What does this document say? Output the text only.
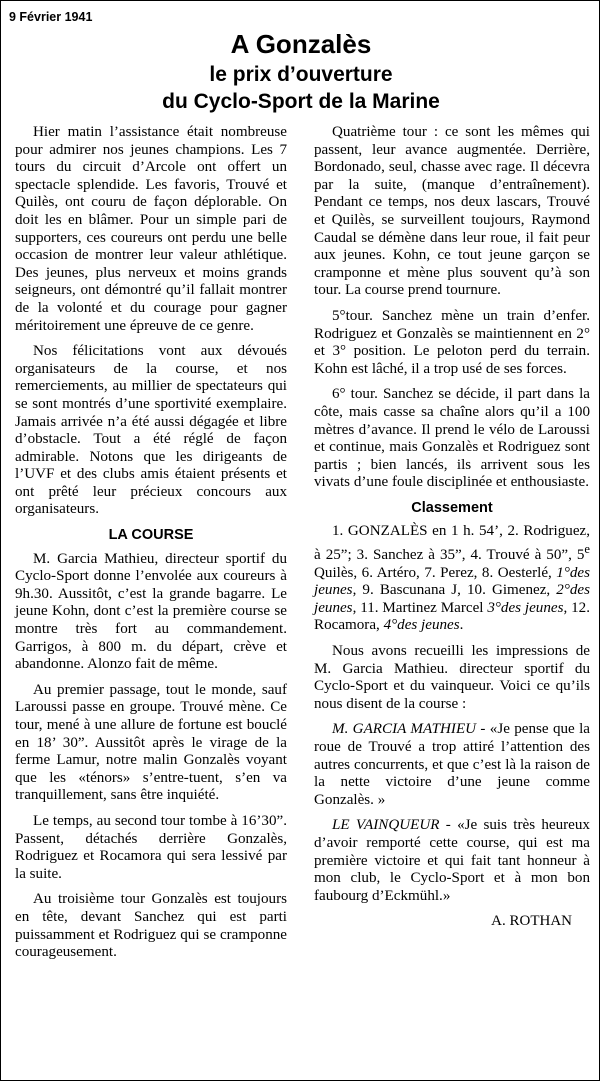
9 Février 1941
A Gonzalès
le prix d’ouverture
du Cyclo-Sport de la Marine

Hier matin l’assistance était nombreuse pour admirer nos jeunes champions. Les 7 tours du circuit d’Arcole ont offert un spectacle splendide. Les favoris, Trouvé et Quilès, ont couru de façon déplorable. On doit les en blâmer. Pour un simple pari de supporters, ces coureurs ont perdu une belle occasion de montrer leur valeur athlétique. Des jeunes, plus nerveux et moins grands seigneurs, ont démontré qu’il fallait montrer de la volonté et du courage pour gagner méritoirement une épreuve de ce genre.

Nos félicitations vont aux dévoués organisateurs de la course, et nos remerciements, au millier de spectateurs qui se sont montrés d’une sportivité exemplaire. Jamais arrivée n’a été aussi dégagée et libre d’obstacle. Tout a été réglé de façon admirable. Notons que les dirigeants de l’UVF et des clubs amis étaient présents et ont prêté leur précieux concours aux organisateurs.

LA COURSE

M. Garcia Mathieu, directeur sportif du Cyclo-Sport donne l’envolée aux coureurs à 9h.30. Aussitôt, c’est la grande bagarre. Le jeune Kohn, dont c’est la première course se montre très fort au commandement. Garrigos, à 800 m. du départ, crève et abandonne. Alonzo fait de même.

Au premier passage, tout le monde, sauf Laroussi passe en groupe. Trouvé mène. Ce tour, mené à une allure de fortune est bouclé en 18’ 30”. Aussitôt après le virage de la ferme Lamur, notre malin Gonzalès voyant que les «ténors» s’entre-tuent, s’en va tranquillement, sans être inquiété.

Le temps, au second tour tombe à 16’30”. Passent, détachés derrière Gonzalès, Rodriguez et Rocamora qui sera lessivé par la suite.

Au troisième tour Gonzalès est toujours en tête, devant Sanchez qui est parti puissamment et Rodriguez qui se cramponne courageusement.

Quatrième tour : ce sont les mêmes qui passent, leur avance augmentée. Derrière, Bordonado, seul, chasse avec rage. Il décevra par la suite, (manque d’entraînement). Pendant ce temps, nos deux lascars, Trouvé et Quilès, se surveillent toujours, Raymond Caudal se démène dans leur roue, il fait peur aux jeunes. Kohn, ce tout jeune garçon se cramponne et mène plus souvent qu’à son tour. La course prend tournure.

5°tour. Sanchez mène un train d’enfer. Rodriguez et Gonzalès se maintiennent en 2° et 3° position. Le peloton perd du terrain. Kohn est lâché, il a trop usé de ses forces.

6° tour. Sanchez se décide, il part dans la côte, mais casse sa chaîne alors qu’il a 100 mètres d’avance. Il prend le vélo de Laroussi et continue, mais Gonzalès et Rodriguez sont partis ; bien lancés, ils arrivent sous les vivats d’une foule disciplinée et enthousiaste.

Classement

1. GONZALÈS en 1 h. 54’, 2. Rodriguez, à 25”; 3. Sanchez à 35”, 4. Trouvé à 50”, 5e Quilès, 6. Artéro, 7. Perez, 8. Oesterlé, 1°des jeunes, 9. Bascunana J, 10. Gimenez, 2°des jeunes, 11. Martinez Marcel 3°des jeunes, 12. Rocamora, 4°des jeunes.

Nous avons recueilli les impressions de M. Garcia Mathieu. directeur sportif du Cyclo-Sport et du vainqueur. Voici ce qu’ils nous disent de la course :

M. GARCIA MATHIEU - «Je pense que la roue de Trouvé a trop attiré l’attention des autres concurrents, et que c’est là la raison de la nette victoire d’une jeune comme Gonzalès. »

LE VAINQUEUR - «Je suis très heureux d’avoir remporté cette course, qui est ma première victoire et qui fait tant honneur à mon club, le Cyclo-Sport et à mon bon faubourg d’Eckmühl.»

A. ROTHAN
